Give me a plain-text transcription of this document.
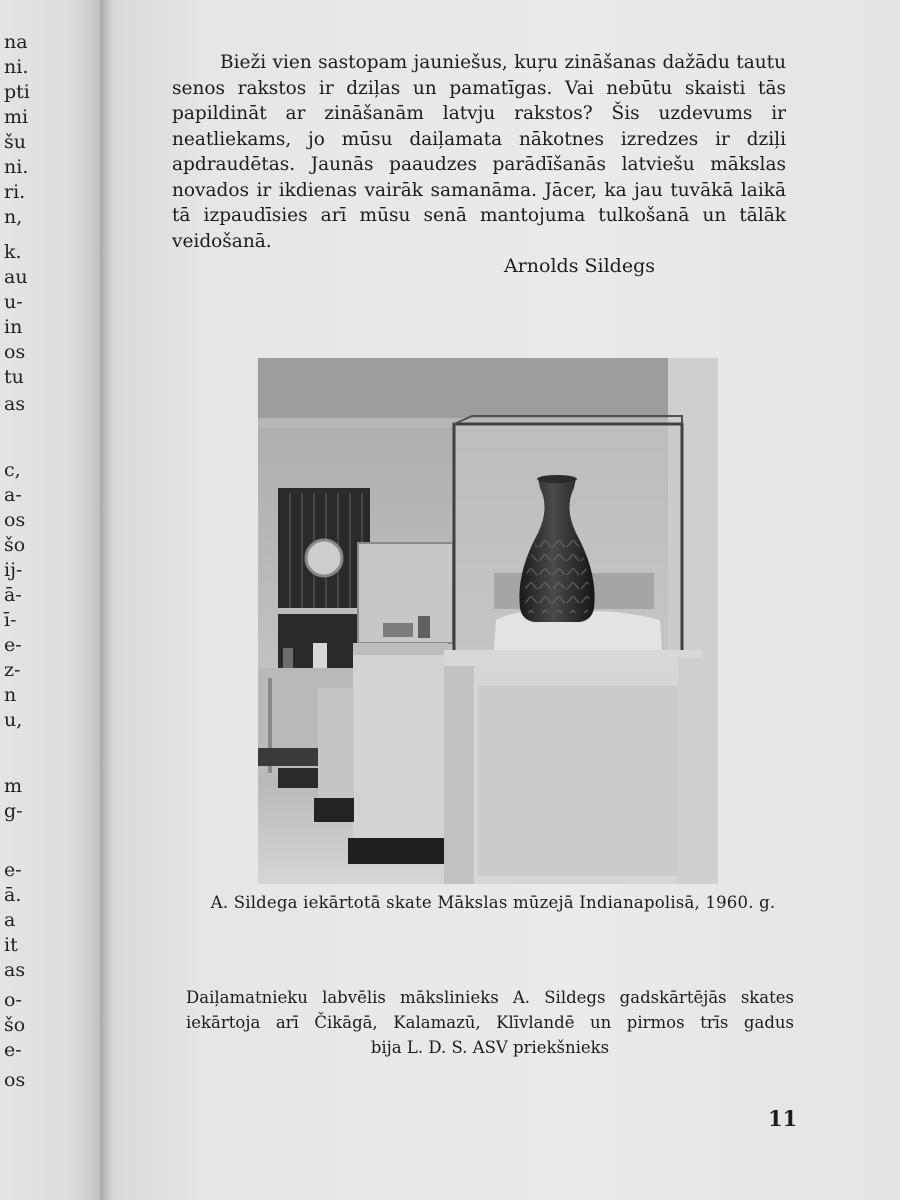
na
ni.
pti
mi
šu
ni.
ri.
n,
k.
au
u-
in
os
tu
as
c,
a-
os
šo
ij-
ā-
ī-
e-
z-
n
u,
m
g-
e-
ā.
a
it
as
o-
šo
e-
os

Bieži vien sastopam jauniešus, kuŗu zināšanas dažādu tautu senos rakstos ir dziļas un pamatīgas. Vai nebūtu skaisti tās papildināt ar zināšanām latvju rakstos? Šis uzdevums ir neatliekams, jo mūsu daiļamata nākotnes izredzes ir dziļi apdraudētas. Jaunās paaudzes parādīšanās latviešu mākslas novados ir ikdienas vairāk samanāma. Jācer, ka jau tuvākā laikā tā izpaudīsies arī mūsu senā mantojuma tulkošanā un tālāk veidošanā.

Arnolds Sildegs
A. Sildega iekārtotā skate Mākslas mūzejā Indianapolisā, 1960. g.
Daiļamatnieku labvēlis mākslinieks A. Sildegs gadskārtējās skates
iekārtoja arī Čikāgā, Kalamazū, Klīvlandē un pirmos trīs gadus
bija L. D. S. ASV priekšnieks
11
